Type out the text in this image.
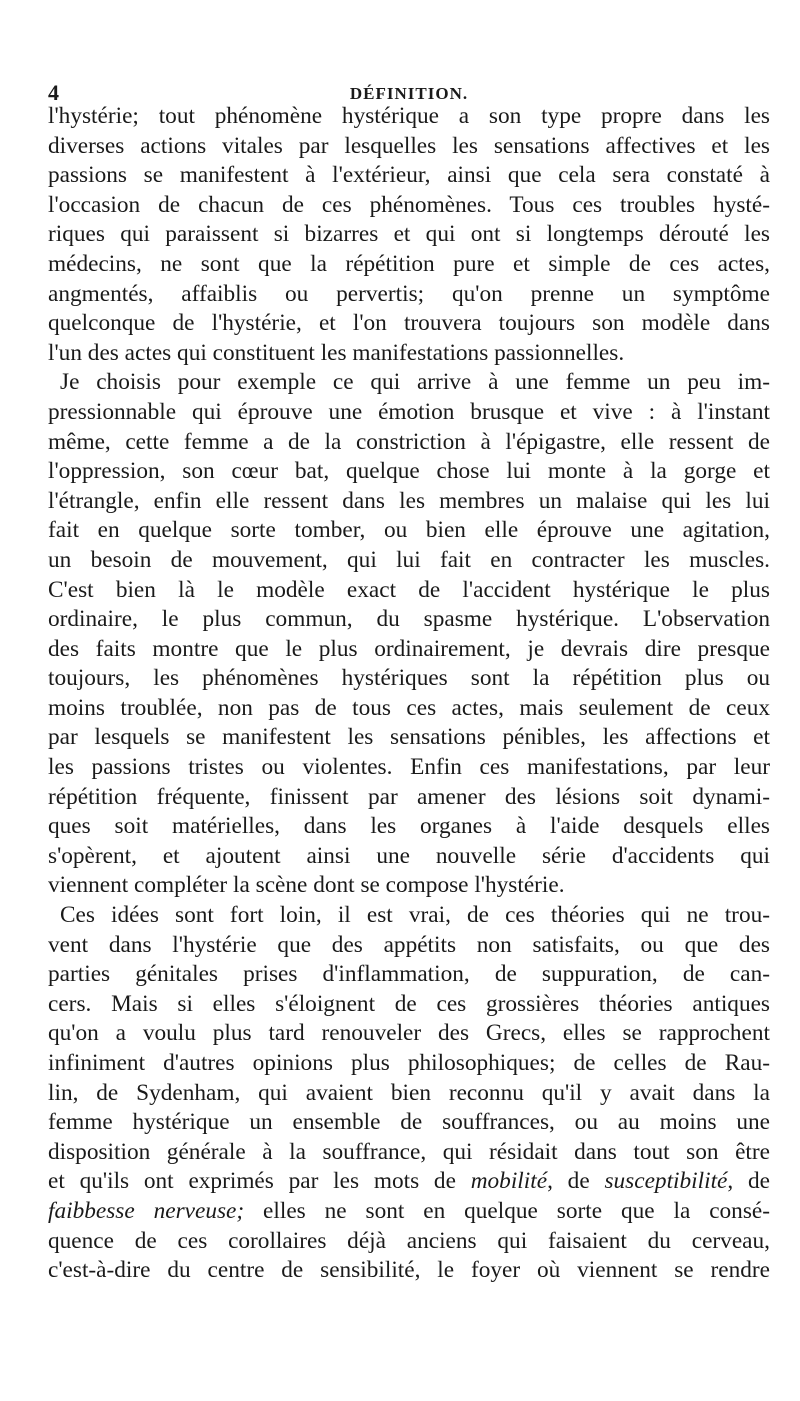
4	DÉFINITION.
l'hystérie; tout phénomène hystérique a son type propre dans les
diverses actions vitales par lesquelles les sensations affectives et les
passions se manifestent à l'extérieur, ainsi que cela sera constaté à
l'occasion de chacun de ces phénomènes. Tous ces troubles hysté-
riques qui paraissent si bizarres et qui ont si longtemps dérouté les
médecins, ne sont que la répétition pure et simple de ces actes,
angmentés, affaiblis ou pervertis; qu'on prenne un symptôme
quelconque de l'hystérie, et l'on trouvera toujours son modèle dans
l'un des actes qui constituent les manifestations passionnelles.
Je choisis pour exemple ce qui arrive à une femme un peu im-
pressionnable qui éprouve une émotion brusque et vive : à l'instant
même, cette femme a de la constriction à l'épigastre, elle ressent de
l'oppression, son cœur bat, quelque chose lui monte à la gorge et
l'étrangle, enfin elle ressent dans les membres un malaise qui les lui
fait en quelque sorte tomber, ou bien elle éprouve une agitation,
un besoin de mouvement, qui lui fait en contracter les muscles.
C'est bien là le modèle exact de l'accident hystérique le plus
ordinaire, le plus commun, du spasme hystérique. L'observation
des faits montre que le plus ordinairement, je devrais dire presque
toujours, les phénomènes hystériques sont la répétition plus ou
moins troublée, non pas de tous ces actes, mais seulement de ceux
par lesquels se manifestent les sensations pénibles, les affections et
les passions tristes ou violentes. Enfin ces manifestations, par leur
répétition fréquente, finissent par amener des lésions soit dynami-
ques soit matérielles, dans les organes à l'aide desquels elles
s'opèrent, et ajoutent ainsi une nouvelle série d'accidents qui
viennent compléter la scène dont se compose l'hystérie.
Ces idées sont fort loin, il est vrai, de ces théories qui ne trou-
vent dans l'hystérie que des appétits non satisfaits, ou que des
parties génitales prises d'inflammation, de suppuration, de can-
cers. Mais si elles s'éloignent de ces grossières théories antiques
qu'on a voulu plus tard renouveler des Grecs, elles se rapprochent
infiniment d'autres opinions plus philosophiques; de celles de Rau-
lin, de Sydenham, qui avaient bien reconnu qu'il y avait dans la
femme hystérique un ensemble de souffrances, ou au moins une
disposition générale à la souffrance, qui résidait dans tout son être
et qu'ils ont exprimés par les mots de mobilité, de susceptibilité, de
faibbesse nerveuse; elles ne sont en quelque sorte que la consé-
quence de ces corollaires déjà anciens qui faisaient du cerveau,
c'est-à-dire du centre de sensibilité, le foyer où viennent se rendre
